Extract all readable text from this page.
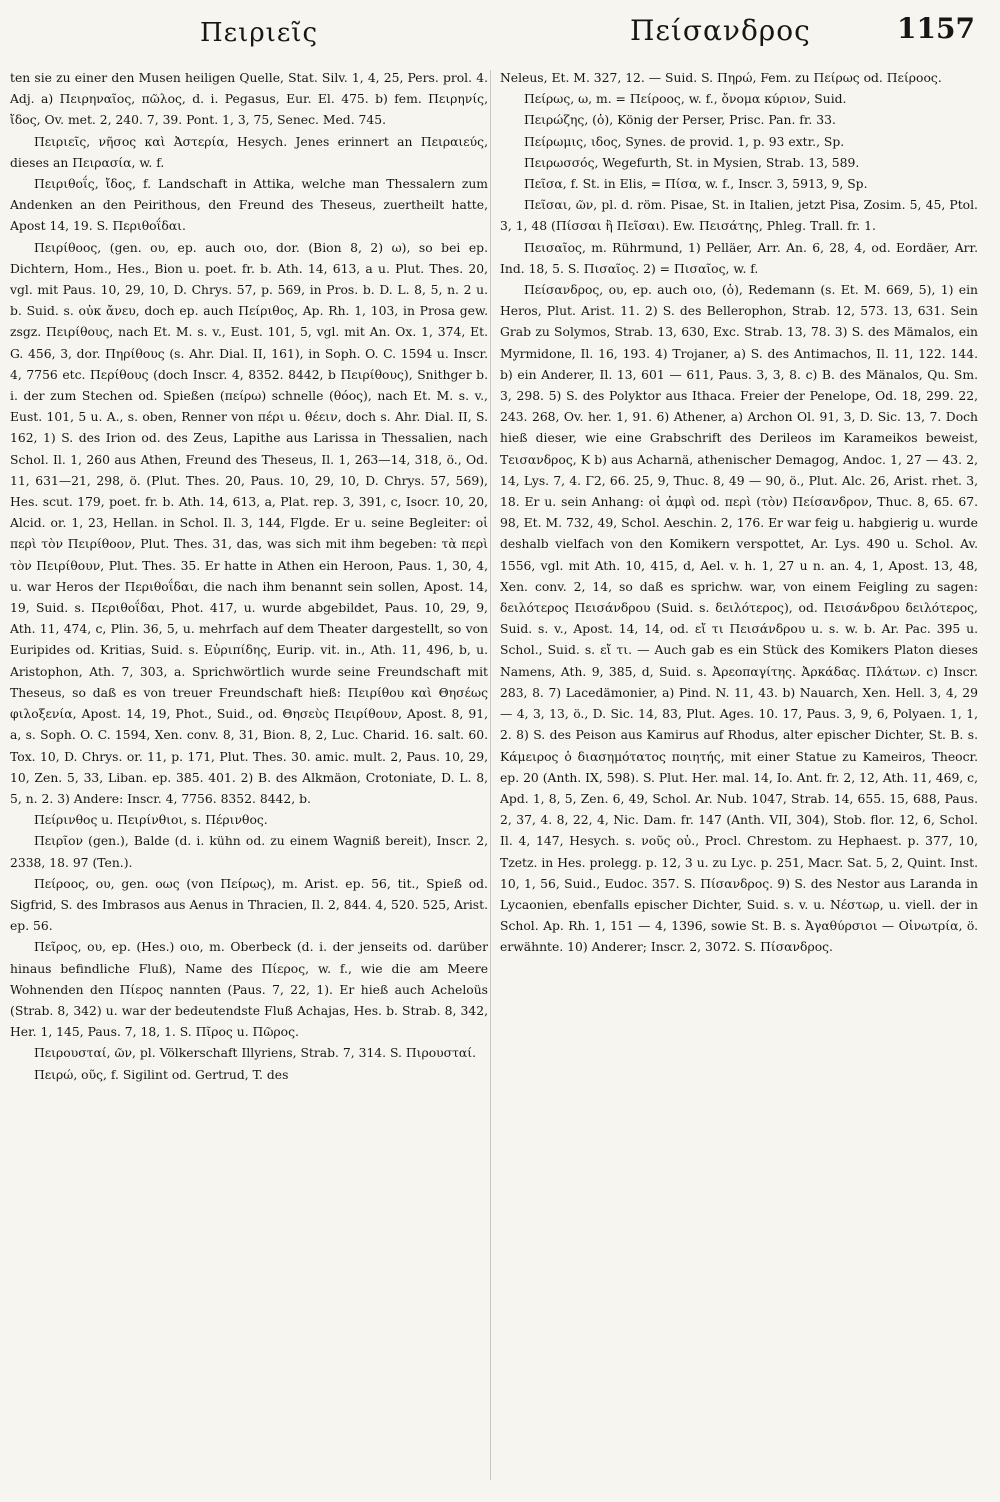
Πειριεῖς	Πείσανδρος	1157

ten sie zu einer den Musen heiligen Quelle, Stat. Silv. 1, 4, 25, Pers. prol. 4. Adj. a) Πειρηναῖος, πῶλος, d. i. Pegasus, Eur. El. 475. b) fem. Πειρηνίς, ἴδος, Ov. met. 2, 240. 7, 39. Pont. 1, 3, 75, Senec. Med. 745.

Πειριεῖς, νῆσος καὶ Ἀστερία, Hesych. Jenes erinnert an Πειραιεύς, dieses an Πειρασία, w. f.

Πειριθοΐς, ἴδος, f. Landschaft in Attika, welche man Thessalern zum Andenken an den Peirithous, den Freund des Theseus, zuertheilt hatte, Apost 14, 19. S. Περιθοΐδαι.

Πειρίθοος, (gen. ου, ep. auch οιο, dor. (Bion 8, 2) ω), so bei ep. Dichtern, Hom., Hes., Bion u. poet. fr. b. Ath. 14, 613, a u. Plut. Thes. 20, vgl. mit Paus. 10, 29, 10, D. Chrys. 57, p. 569, in Pros. b. D. L. 8, 5, n. 2 u. b. Suid. s. οὐκ ἄνευ, doch ep. auch Πείριθος, Ap. Rh. 1, 103, in Prosa gew. zsgz. Πειρίθους, nach Et. M. s. v., Eust. 101, 5, vgl. mit An. Ox. 1, 374, Et. G. 456, 3, dor. Πηρίθους (s. Ahr. Dial. II, 161), in Soph. O. C. 1594 u. Inscr. 4, 7756 etc. Περίθους (doch Inscr. 4, 8352. 8442, b Πειρίθους), Snithger b. i. der zum Stechen od. Spießen (πείρω) schnelle (θόος), nach Et. M. s. v., Eust. 101, 5 u. A., s. oben, Renner von πέρι u. θέειν, doch s. Ahr. Dial. II, S. 162, 1) S. des Irion od. des Zeus, Lapithe aus Larissa in Thessalien, nach Schol. Il. 1, 260 aus Athen, Freund des Theseus, Il. 1, 263—14, 318, ö., Od. 11, 631—21, 298, ö. (Plut. Thes. 20, Paus. 10, 29, 10, D. Chrys. 57, 569), Hes. scut. 179, poet. fr. b. Ath. 14, 613, a, Plat. rep. 3, 391, c, Isocr. 10, 20, Alcid. or. 1, 23, Hellan. in Schol. Il. 3, 144, Flgde. Er u. seine Begleiter: οἱ περὶ τὸν Πειρίθοον, Plut. Thes. 31, das, was sich mit ihm begeben: τὰ περὶ τὸν Πειρίθουν, Plut. Thes. 35. Er hatte in Athen ein Heroon, Paus. 1, 30, 4, u. war Heros der Περιθοΐδαι, die nach ihm benannt sein sollen, Apost. 14, 19, Suid. s. Περιθοΐδαι, Phot. 417, u. wurde abgebildet, Paus. 10, 29, 9, Ath. 11, 474, c, Plin. 36, 5, u. mehrfach auf dem Theater dargestellt, so von Euripides od. Kritias, Suid. s. Εὐριπίδης, Eurip. vit. in., Ath. 11, 496, b, u. Aristophon, Ath. 7, 303, a. Sprichwörtlich wurde seine Freundschaft mit Theseus, so daß es von treuer Freundschaft hieß: Πειρίθου καὶ Θησέως φιλοξενία, Apost. 14, 19, Phot., Suid., od. Θησεὺς Πειρίθουν, Apost. 8, 91, a, s. Soph. O. C. 1594, Xen. conv. 8, 31, Bion. 8, 2, Luc. Charid. 16. salt. 60. Tox. 10, D. Chrys. or. 11, p. 171, Plut. Thes. 30. amic. mult. 2, Paus. 10, 29, 10, Zen. 5, 33, Liban. ep. 385. 401. 2) B. des Alkmäon, Crotoniate, D. L. 8, 5, n. 2. 3) Andere: Inscr. 4, 7756. 8352. 8442, b.

Πείρινθος u. Πειρίνθιοι, s. Πέρινθος.

Πειρῖον (gen.), Balde (d. i. kühn od. zu einem Wagniß bereit), Inscr. 2, 2338, 18. 97 (Ten.).

Πείροος, ου, gen. οως (von Πείρως), m. Arist. ep. 56, tit., Spieß od. Sigfrid, S. des Imbrasos aus Aenus in Thracien, Il. 2, 844. 4, 520. 525, Arist. ep. 56.

Πεῖρος, ου, ep. (Hes.) οιο, m. Oberbeck (d. i. der jenseits od. darüber hinaus befindliche Fluß), Name des Πίερος, w. f., wie die am Meere Wohnenden den Πίερος nannten (Paus. 7, 22, 1). Er hieß auch Acheloüs (Strab. 8, 342) u. war der bedeutendste Fluß Achajas, Hes. b. Strab. 8, 342, Her. 1, 145, Paus. 7, 18, 1. S. Πῖρος u. Πῶρος.

Πειρουσταί, ῶν, pl. Völkerschaft Illyriens, Strab. 7, 314. S. Πιρουσταί.

Πειρώ, οῦς, f. Sigilint od. Gertrud, T. des

Neleus, Et. M. 327, 12. — Suid. S. Πηρώ, Fem. zu Πείρως od. Πείροος.

Πείρως, ω, m. = Πείροος, w. f., ὄνομα κύριον, Suid.

Πειρώζης, (ὁ), König der Perser, Prisc. Pan. fr. 33.

Πείρωμις, ιδος, Synes. de provid. 1, p. 93 extr., Sp.

Πειρωσσός, Wegefurth, St. in Mysien, Strab. 13, 589.

Πεῖσα, f. St. in Elis, = Πίσα, w. f., Inscr. 3, 5913, 9, Sp.

Πεῖσαι, ῶν, pl. d. röm. Pisae, St. in Italien, jetzt Pisa, Zosim. 5, 45, Ptol. 3, 1, 48 (Πίσσαι ἢ Πεῖσαι). Ew. Πεισάτης, Phleg. Trall. fr. 1.

Πεισαῖος, m. Rührmund, 1) Pelläer, Arr. An. 6, 28, 4, od. Eordäer, Arr. Ind. 18, 5. S. Πισαῖος. 2) = Πισαῖος, w. f.

Πείσανδρος, ου, ep. auch οιο, (ὁ), Redemann (s. Et. M. 669, 5), 1) ein Heros, Plut. Arist. 11. 2) S. des Bellerophon, Strab. 12, 573. 13, 631. Sein Grab zu Solymos, Strab. 13, 630, Exc. Strab. 13, 78. 3) S. des Mämalos, ein Myrmidone, Il. 16, 193. 4) Trojaner, a) S. des Antimachos, Il. 11, 122. 144. b) ein Anderer, Il. 13, 601 — 611, Paus. 3, 3, 8. c) B. des Mänalos, Qu. Sm. 3, 298. 5) S. des Polyktor aus Ithaca. Freier der Penelope, Od. 18, 299. 22, 243. 268, Ov. her. 1, 91. 6) Athener, a) Archon Ol. 91, 3, D. Sic. 13, 7. Doch hieß dieser, wie eine Grabschrift des Derileos im Karameikos beweist, Τεισανδρος, K b) aus Acharnä, athenischer Demagog, Andoc. 1, 27 — 43. 2, 14, Lys. 7, 4. Γ2, 66. 25, 9, Thuc. 8, 49 — 90, ö., Plut. Alc. 26, Arist. rhet. 3, 18. Er u. sein Anhang: οἱ ἀμφὶ od. περὶ (τὸν) Πείσανδρον, Thuc. 8, 65. 67. 98, Et. M. 732, 49, Schol. Aeschin. 2, 176. Er war feig u. habgierig u. wurde deshalb vielfach von den Komikern verspottet, Ar. Lys. 490 u. Schol. Av. 1556, vgl. mit Ath. 10, 415, d, Ael. v. h. 1, 27 u n. an. 4, 1, Apost. 13, 48, Xen. conv. 2, 14, so daß es sprichw. war, von einem Feigling zu sagen: δειλότερος Πεισάνδρου (Suid. s. δειλότερος), od. Πεισάνδρου δειλότερος, Suid. s. v., Apost. 14, 14, od. εἴ τι Πεισάνδρου u. s. w. b. Ar. Pac. 395 u. Schol., Suid. s. εἴ τι. — Auch gab es ein Stück des Komikers Platon dieses Namens, Ath. 9, 385, d, Suid. s. Ἀρεοπαγίτης. Ἀρκάδας. Πλάτων. c) Inscr. 283, 8. 7) Lacedämonier, a) Pind. N. 11, 43. b) Nauarch, Xen. Hell. 3, 4, 29 — 4, 3, 13, ö., D. Sic. 14, 83, Plut. Ages. 10. 17, Paus. 3, 9, 6, Polyaen. 1, 1, 2. 8) S. des Peison aus Kamirus auf Rhodus, alter epischer Dichter, St. B. s. Κάμειρος ὁ διασημότατος ποιητής, mit einer Statue zu Kameiros, Theocr. ep. 20 (Anth. IX, 598). S. Plut. Her. mal. 14, Io. Ant. fr. 2, 12, Ath. 11, 469, c, Apd. 1, 8, 5, Zen. 6, 49, Schol. Ar. Nub. 1047, Strab. 14, 655. 15, 688, Paus. 2, 37, 4. 8, 22, 4, Nic. Dam. fr. 147 (Anth. VII, 304), Stob. flor. 12, 6, Schol. Il. 4, 147, Hesych. s. νοῦς οὐ., Procl. Chrestom. zu Hephaest. p. 377, 10, Tzetz. in Hes. prolegg. p. 12, 3 u. zu Lyc. p. 251, Macr. Sat. 5, 2, Quint. Inst. 10, 1, 56, Suid., Eudoc. 357. S. Πίσανδρος. 9) S. des Nestor aus Laranda in Lycaonien, ebenfalls epischer Dichter, Suid. s. v. u. Νέστωρ, u. viell. der in Schol. Ap. Rh. 1, 151 — 4, 1396, sowie St. B. s. Ἀγαθύρσιοι — Οἰνωτρία, ö. erwähnte. 10) Anderer; Inscr. 2, 3072. S. Πίσανδρος.
